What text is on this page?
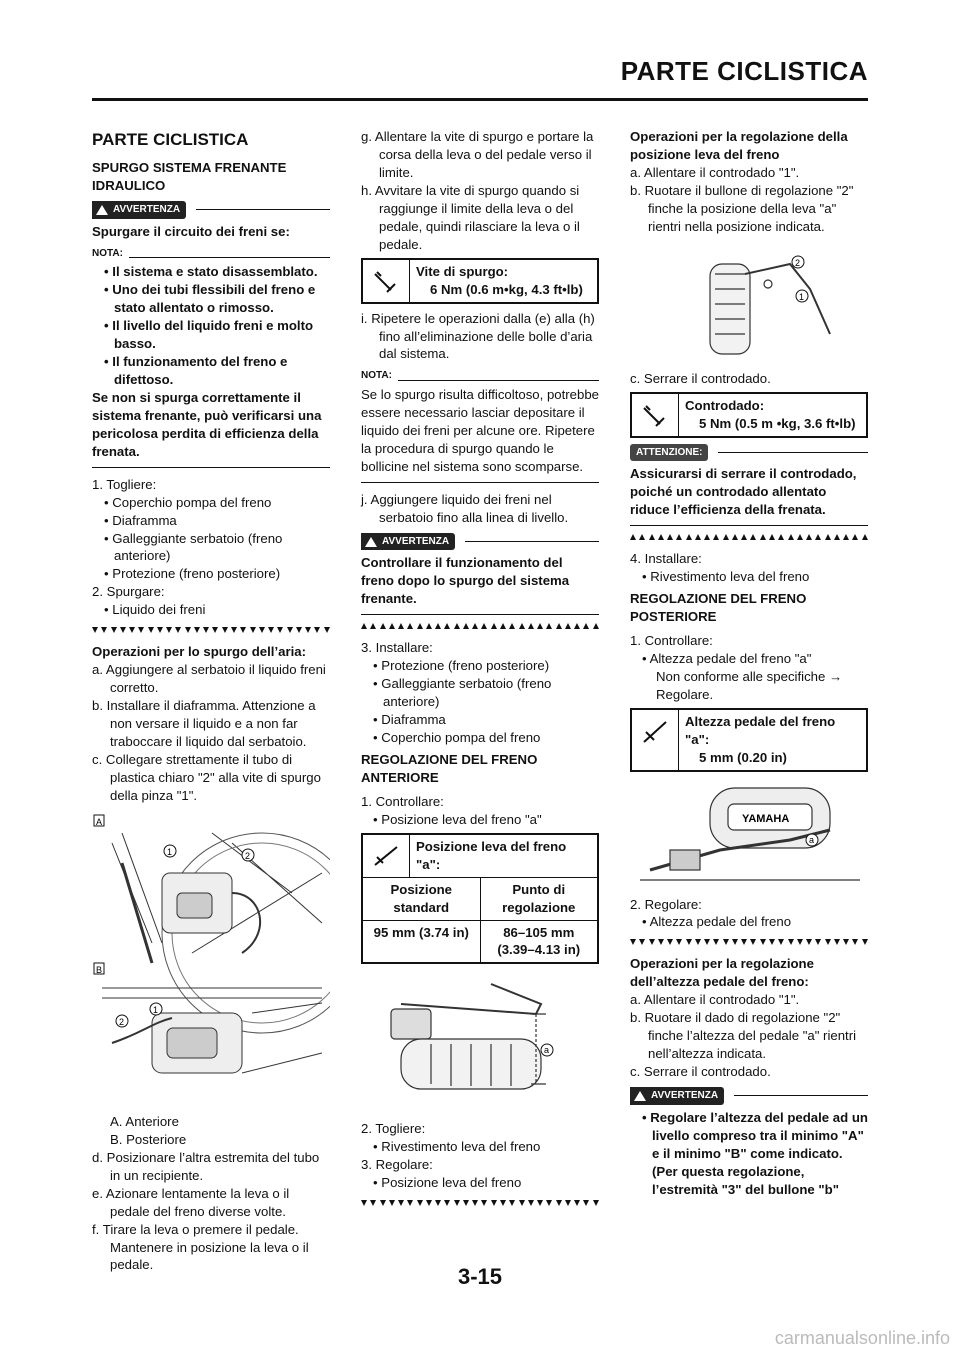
PARTE CICLISTICA
PARTE CICLISTICA
SPURGO SISTEMA FRENANTE IDRAULICO
AVVERTENZA
Spurgare il circuito dei freni se:
NOTA:
• Il sistema e stato disassemblato.
• Uno dei tubi flessibili del freno e stato allentato o rimosso.
• Il livello del liquido freni e molto basso.
• Il funzionamento del freno e difettoso.
Se non si spurga correttamente il sistema frenante, può verificarsi una pericolosa perdita di efficienza della frenata.
1. Togliere:
• Coperchio pompa del freno
• Diaframma
• Galleggiante serbatoio (freno anteriore)
• Protezione (freno posteriore)
2. Spurgare:
• Liquido dei freni
Operazioni per lo spurgo dell’aria:
a. Aggiungere al serbatoio il liquido freni corretto.
b. Installare il diaframma. Attenzione a non versare il liquido e a non far traboccare il liquido dal serbatoio.
c. Collegare strettamente il tubo di plastica chiaro "2" alla vite di spurgo della pinza "1".
A
1	2
B
2
1
A. Anteriore
B. Posteriore
d. Posizionare l’altra estremita del tubo in un recipiente.
e. Azionare lentamente la leva o il pedale del freno diverse volte.
f. Tirare la leva o premere il pedale. Mantenere in posizione la leva o il pedale.
g. Allentare la vite di spurgo e portare la corsa della leva o del pedale verso il limite.
h. Avvitare la vite di spurgo quando si raggiunge il limite della leva o del pedale, quindi rilasciare la leva o il pedale.
Vite di spurgo:
6 Nm (0.6 m•kg, 4.3 ft•lb)
i. Ripetere le operazioni dalla (e) alla (h) fino all’eliminazione delle bolle d’aria dal sistema.
NOTA:
Se lo spurgo risulta difficoltoso, potrebbe essere necessario lasciar depositare il liquido dei freni per alcune ore. Ripetere la procedura di spurgo quando le bollicine nel sistema sono scomparse.
j. Aggiungere liquido dei freni nel serbatoio fino alla linea di livello.
AVVERTENZA
Controllare il funzionamento del freno dopo lo spurgo del sistema frenante.
3. Installare:
• Protezione (freno posteriore)
• Galleggiante serbatoio (freno anteriore)
• Diaframma
• Coperchio pompa del freno
REGOLAZIONE DEL FRENO ANTERIORE
1. Controllare:
• Posizione leva del freno "a"
Posizione leva del freno "a":
Posizione standard
Punto di regolazione
95 mm (3.74 in)	86–105 mm (3.39–4.13 in)
a
2. Togliere:
• Rivestimento leva del freno
3. Regolare:
• Posizione leva del freno
Operazioni per la regolazione della posizione leva del freno
a. Allentare il controdado "1".
b. Ruotare il bullone di regolazione "2" finche la posizione della leva "a" rientri nella posizione indicata.
2
1
c. Serrare il controdado.
Controdado:
5 Nm (0.5 m •kg, 3.6 ft•lb)
ATTENZIONE:
Assicurarsi di serrare il controdado, poiché un controdado allentato riduce l’efficienza della frenata.
4. Installare:
• Rivestimento leva del freno
REGOLAZIONE DEL FRENO POSTERIORE
1. Controllare:
• Altezza pedale del freno "a"
Non conforme alle specifiche →
Regolare.
Altezza pedale del freno "a":
5 mm (0.20 in)
YAMAHA
a
2. Regolare:
• Altezza pedale del freno
Operazioni per la regolazione dell’altezza pedale del freno:
a. Allentare il controdado "1".
b. Ruotare il dado di regolazione "2" finche l’altezza del pedale "a" rientri nell’altezza indicata.
c. Serrare il controdado.
AVVERTENZA
• Regolare l’altezza del pedale ad un livello compreso tra il minimo "A" e il minimo "B" come indicato. (Per questa regolazione, l’estremità "3" del bullone "b"
3-15
carmanualsonline.info
